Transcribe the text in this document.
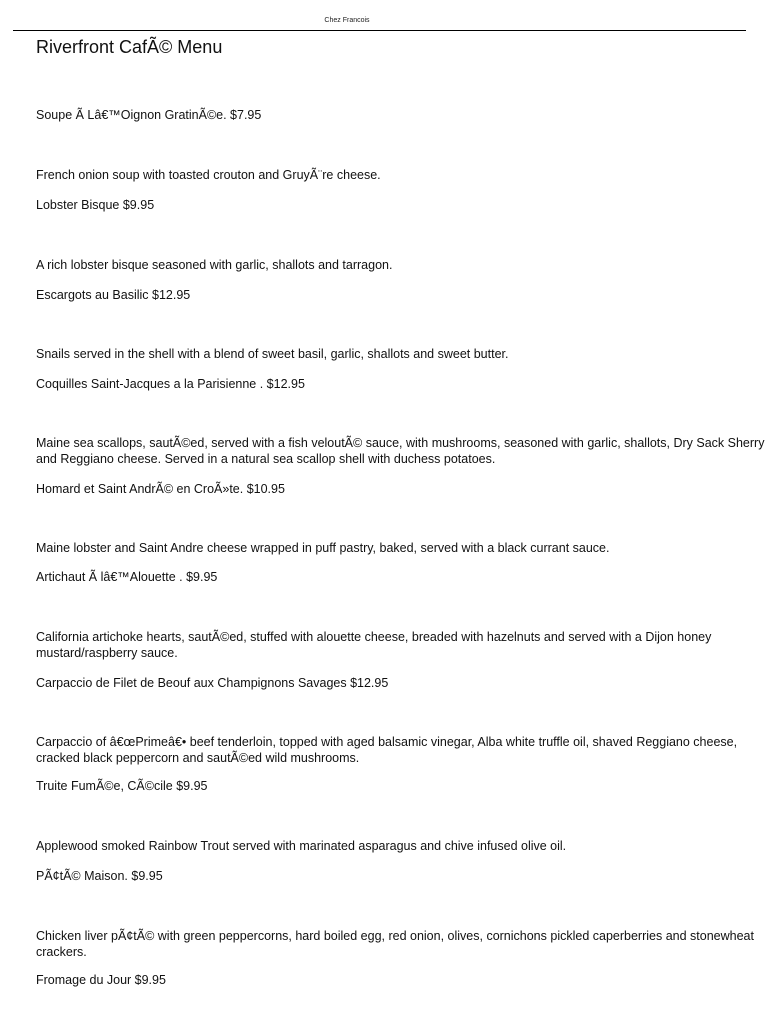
Chez Francois
Riverfront CafÃ© Menu

Soupe Ã Lâ€™Oignon GratinÃ©e. $7.95

French onion soup with toasted crouton and GruyÃ¨re cheese.

Lobster Bisque $9.95

A rich lobster bisque seasoned with garlic, shallots and tarragon.

Escargots au Basilic $12.95

Snails served in the shell with a blend of sweet basil, garlic, shallots and sweet butter.

Coquilles Saint-Jacques a la Parisienne . $12.95

Maine sea scallops, sautÃ©ed, served with a fish veloutÃ© sauce, with mushrooms, seasoned with garlic, shallots, Dry Sack Sherry and Reggiano cheese. Served in a natural sea scallop shell with duchess potatoes.

Homard et Saint AndrÃ© en CroÃ»te. $10.95

Maine lobster and Saint Andre cheese wrapped in puff pastry, baked, served with a black currant sauce.

Artichaut Ã lâ€™Alouette . $9.95

California artichoke hearts, sautÃ©ed, stuffed with alouette cheese, breaded with hazelnuts and served with a Dijon honey mustard/raspberry sauce.

Carpaccio de Filet de Beouf aux Champignons Savages $12.95

Carpaccio of â€œPrimeâ€• beef tenderloin, topped with aged balsamic vinegar, Alba white truffle oil, shaved Reggiano cheese, cracked black peppercorn and sautÃ©ed wild mushrooms.

Truite FumÃ©e, CÃ©cile $9.95

Applewood smoked Rainbow Trout served with marinated asparagus and chive infused olive oil.

PÃ¢tÃ© Maison. $9.95

Chicken liver pÃ¢tÃ© with green peppercorns, hard boiled egg, red onion, olives, cornichons pickled caperberries and stonewheat crackers.

Fromage du Jour $9.95
